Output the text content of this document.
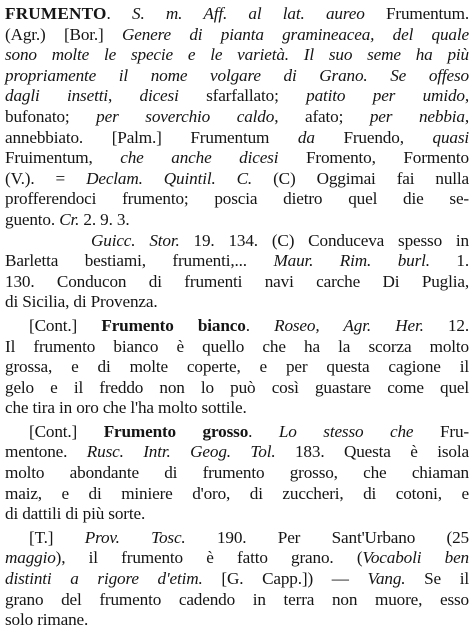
FRUMENTO. S. m. Aff. al lat. aureo Frumentum.
(Agr.) [Bor.] Genere di pianta gramineacea, del quale
sono molte le specie e le varietà. Il suo seme ha più
propriamente il nome volgare di Grano. Se offeso
dagli insetti, dicesi sfarfallato; patito per umido,
bufonato; per soverchio caldo, afato; per nebbia,
annebbiato. [Palm.] Frumentum da Fruendo, quasi
Fruimentum, che anche dicesi Fromento, Formento
(V.). = Declam. Quintil. C. (C) Oggimai fai nulla
profferendoci frumento; poscia dietro quel die se-
guento. Cr. 2. 9. 3.
Guicc. Stor. 19. 134. (C) Conduceva spesso in
Barletta bestiami, frumenti,... Maur. Rim. burl. 1.
130. Conducon di frumenti navi carche Di Puglia,
di Sicilia, di Provenza.
[Cont.] Frumento bianco. Roseo, Agr. Her. 12.
Il frumento bianco è quello che ha la scorza molto
grossa, e di molte coperte, e per questa cagione il
gelo e il freddo non lo può così guastare come quel
che tira in oro che l'ha molto sottile.
[Cont.] Frumento grosso. Lo stesso che Fru-
mentone. Rusc. Intr. Geog. Tol. 183. Questa è isola
molto abondante di frumento grosso, che chiaman
maiz, e di miniere d'oro, di zuccheri, di cotoni, e
di dattili di più sorte.
[T.] Prov. Tosc. 190. Per Sant'Urbano (25
maggio), il frumento è fatto grano. (Vocaboli ben
distinti a rigore d'etim. [G. Capp.]) — Vang. Se il
grano del frumento cadendo in terra non muore, esso
solo rimane.
